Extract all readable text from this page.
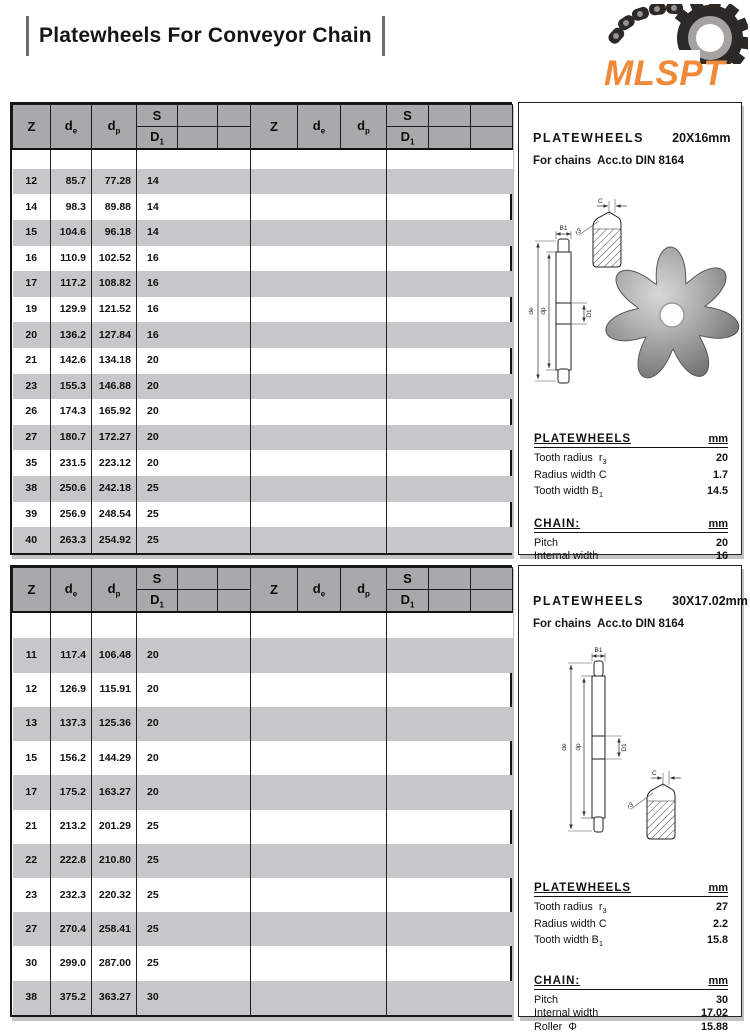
Platewheels For Conveyor Chain
MLSPT
Z	$d_e$	$d_p$	S			Z	$d_e$	$d_p$	S		
			$D_1$						$D_1$		

12	85.7	77.28	14								
14	98.3	89.88	14								
15	104.6	96.18	14								
16	110.9	102.52	16								
17	117.2	108.82	16								
19	129.9	121.52	16								
20	136.2	127.84	16								
21	142.6	134.18	20								
23	155.3	146.88	20								
26	174.3	165.92	20								
27	180.7	172.27	20								
35	231.5	223.12	20								
38	250.6	242.18	25								
39	256.9	248.54	25								
40	263.3	254.92	25								

PLATEWHEELS 20X16mm
For chains  Acc.to DIN 8164
de dp
B1
D1
C
r3
PLATEWHEELS	mm
Tooth radius  $r_3$	20
Radius width C	1.7
Tooth width $B_1$	14.5
CHAIN:	mm
Pitch	20
Internal width	16
Z	$d_e$	$d_p$	S			Z	$d_e$	$d_p$	S		
			$D_1$						$D_1$		

11	117.4	106.48	20								
12	126.9	115.91	20								
13	137.3	125.36	20								
15	156.2	144.29	20								
17	175.2	163.27	20								
21	213.2	201.29	25								
22	222.8	210.80	25								
23	232.3	220.32	25								
27	270.4	258.41	25								
30	299.0	287.00	25								
38	375.2	363.27	30								

PLATEWHEELS 30X17.02mm
For chains  Acc.to DIN 8164
de dp
B1
D1
C
r3
PLATEWHEELS	mm
Tooth radius  $r_3$	27
Radius width C	2.2
Tooth width $B_1$	15.8
CHAIN:	mm
Pitch	30
Internal width	17.02
Roller  Φ	15.88
